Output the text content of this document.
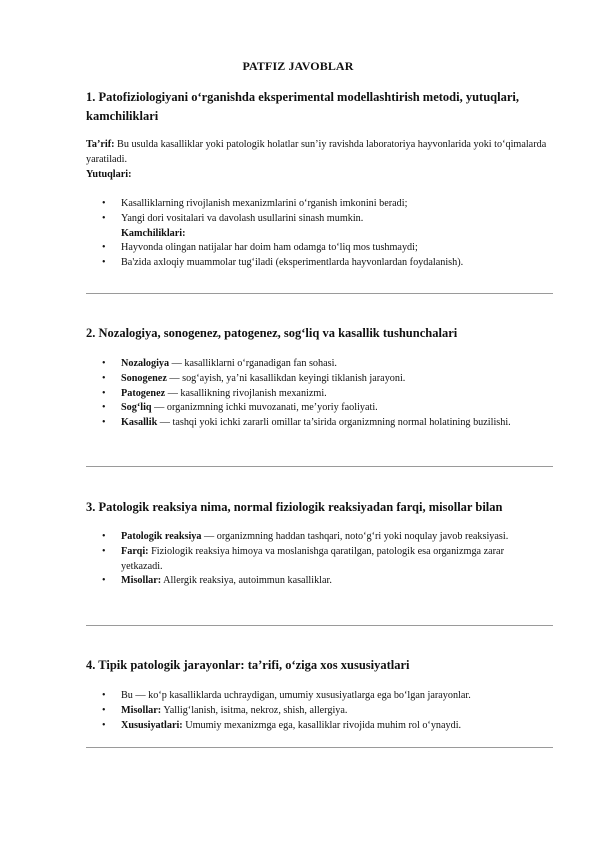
PATFIZ JAVOBLAR
1. Patofiziologiyani o‘rganishda eksperimental modellashtirish metodi, yutuqlari, kamchiliklari
Ta’rif: Bu usulda kasalliklar yoki patologik holatlar sun’iy ravishda laboratoriya hayvonlarida yoki to‘qimalarda yaratiladi.
Yutuqlari:
• Kasalliklarning rivojlanish mexanizmlarini o‘rganish imkonini beradi;
• Yangi dori vositalari va davolash usullarini sinash mumkin.
Kamchiliklari:
• Hayvonda olingan natijalar har doim ham odamga to‘liq mos tushmaydi;
• Ba'zida axloqiy muammolar tug‘iladi (eksperimentlarda hayvonlardan foydalanish).
2. Nozalogiya, sonogenez, patogenez, sog‘liq va kasallik tushunchalari
• Nozalogiya — kasalliklarni o‘rganadigan fan sohasi.
• Sonogenez — sog‘ayish, ya’ni kasallikdan keyingi tiklanish jarayoni.
• Patogenez — kasallikning rivojlanish mexanizmi.
• Sog‘liq — organizmning ichki muvozanati, me’yoriy faoliyati.
• Kasallik — tashqi yoki ichki zararli omillar ta’sirida organizmning normal holatining buzilishi.
3. Patologik reaksiya nima, normal fiziologik reaksiyadan farqi, misollar bilan
• Patologik reaksiya — organizmning haddan tashqari, noto‘g‘ri yoki noqulay javob reaksiyasi.
• Farqi: Fiziologik reaksiya himoya va moslanishga qaratilgan, patologik esa organizmga zarar yetkazadi.
• Misollar: Allergik reaksiya, autoimmun kasalliklar.
4. Tipik patologik jarayonlar: ta’rifi, o‘ziga xos xususiyatlari
• Bu — ko‘p kasalliklarda uchraydigan, umumiy xususiyatlarga ega bo‘lgan jarayonlar.
• Misollar: Yallig‘lanish, isitma, nekroz, shish, allergiya.
• Xususiyatlari: Umumiy mexanizmga ega, kasalliklar rivojida muhim rol o‘ynaydi.
